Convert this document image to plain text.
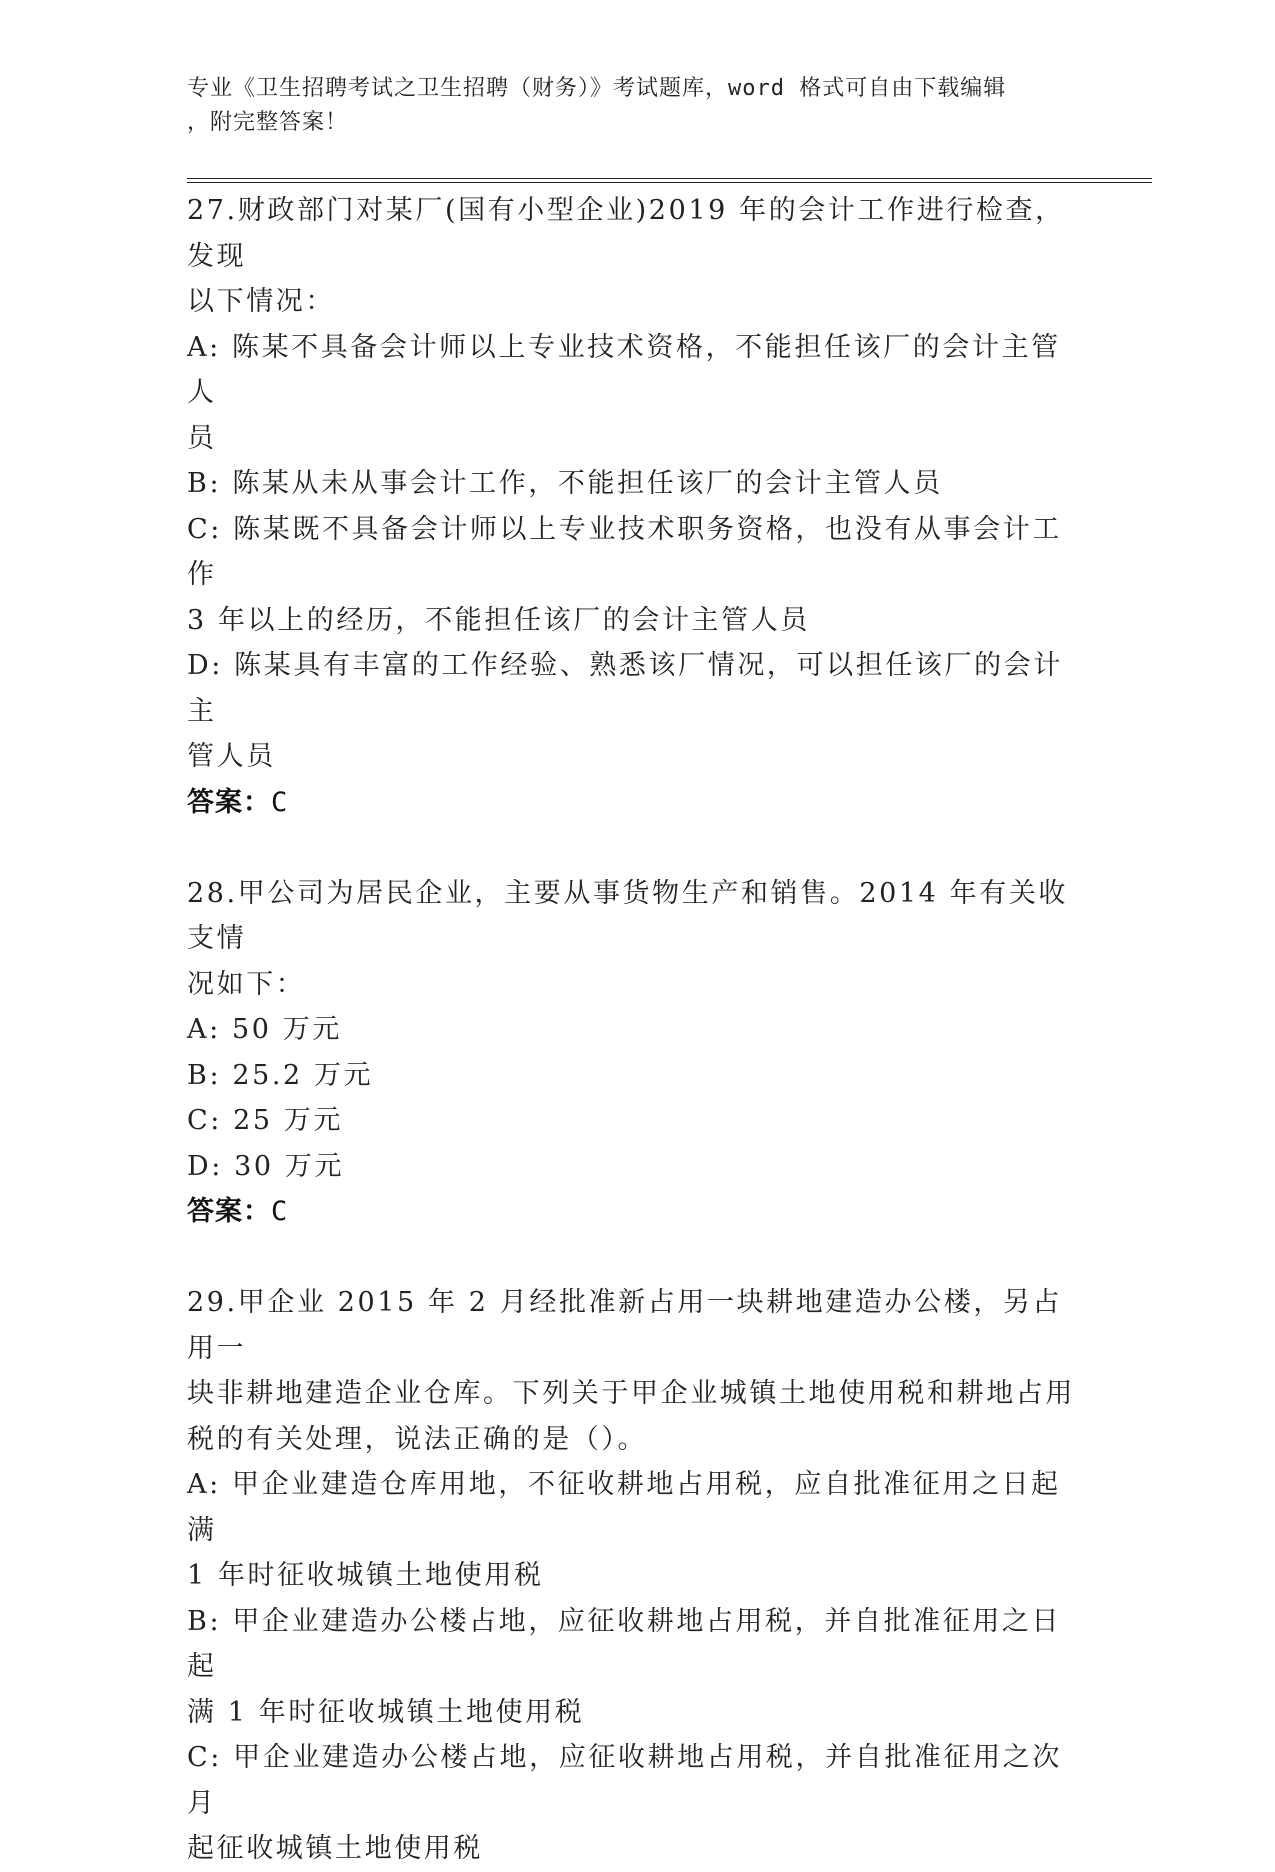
专业《卫生招聘考试之卫生招聘（财务）》考试题库，word 格式可自由下载编辑
，附完整答案！
27.财政部门对某厂(国有小型企业)2019 年的会计工作进行检查，发现
以下情况：
A: 陈某不具备会计师以上专业技术资格，不能担任该厂的会计主管人
员
B: 陈某从未从事会计工作，不能担任该厂的会计主管人员
C: 陈某既不具备会计师以上专业技术职务资格，也没有从事会计工作
3 年以上的经历，不能担任该厂的会计主管人员
D: 陈某具有丰富的工作经验、熟悉该厂情况，可以担任该厂的会计主
管人员
答案：C
28.甲公司为居民企业，主要从事货物生产和销售。2014 年有关收支情
况如下：
A: 50 万元
B: 25.2 万元
C: 25 万元
D: 30 万元
答案：C
29.甲企业 2015 年 2 月经批准新占用一块耕地建造办公楼，另占用一
块非耕地建造企业仓库。下列关于甲企业城镇土地使用税和耕地占用
税的有关处理，说法正确的是（）。
A: 甲企业建造仓库用地，不征收耕地占用税，应自批准征用之日起满
1 年时征收城镇土地使用税
B: 甲企业建造办公楼占地，应征收耕地占用税，并自批准征用之日起
满 1 年时征收城镇土地使用税
C: 甲企业建造办公楼占地，应征收耕地占用税，并自批准征用之次月
起征收城镇土地使用税
